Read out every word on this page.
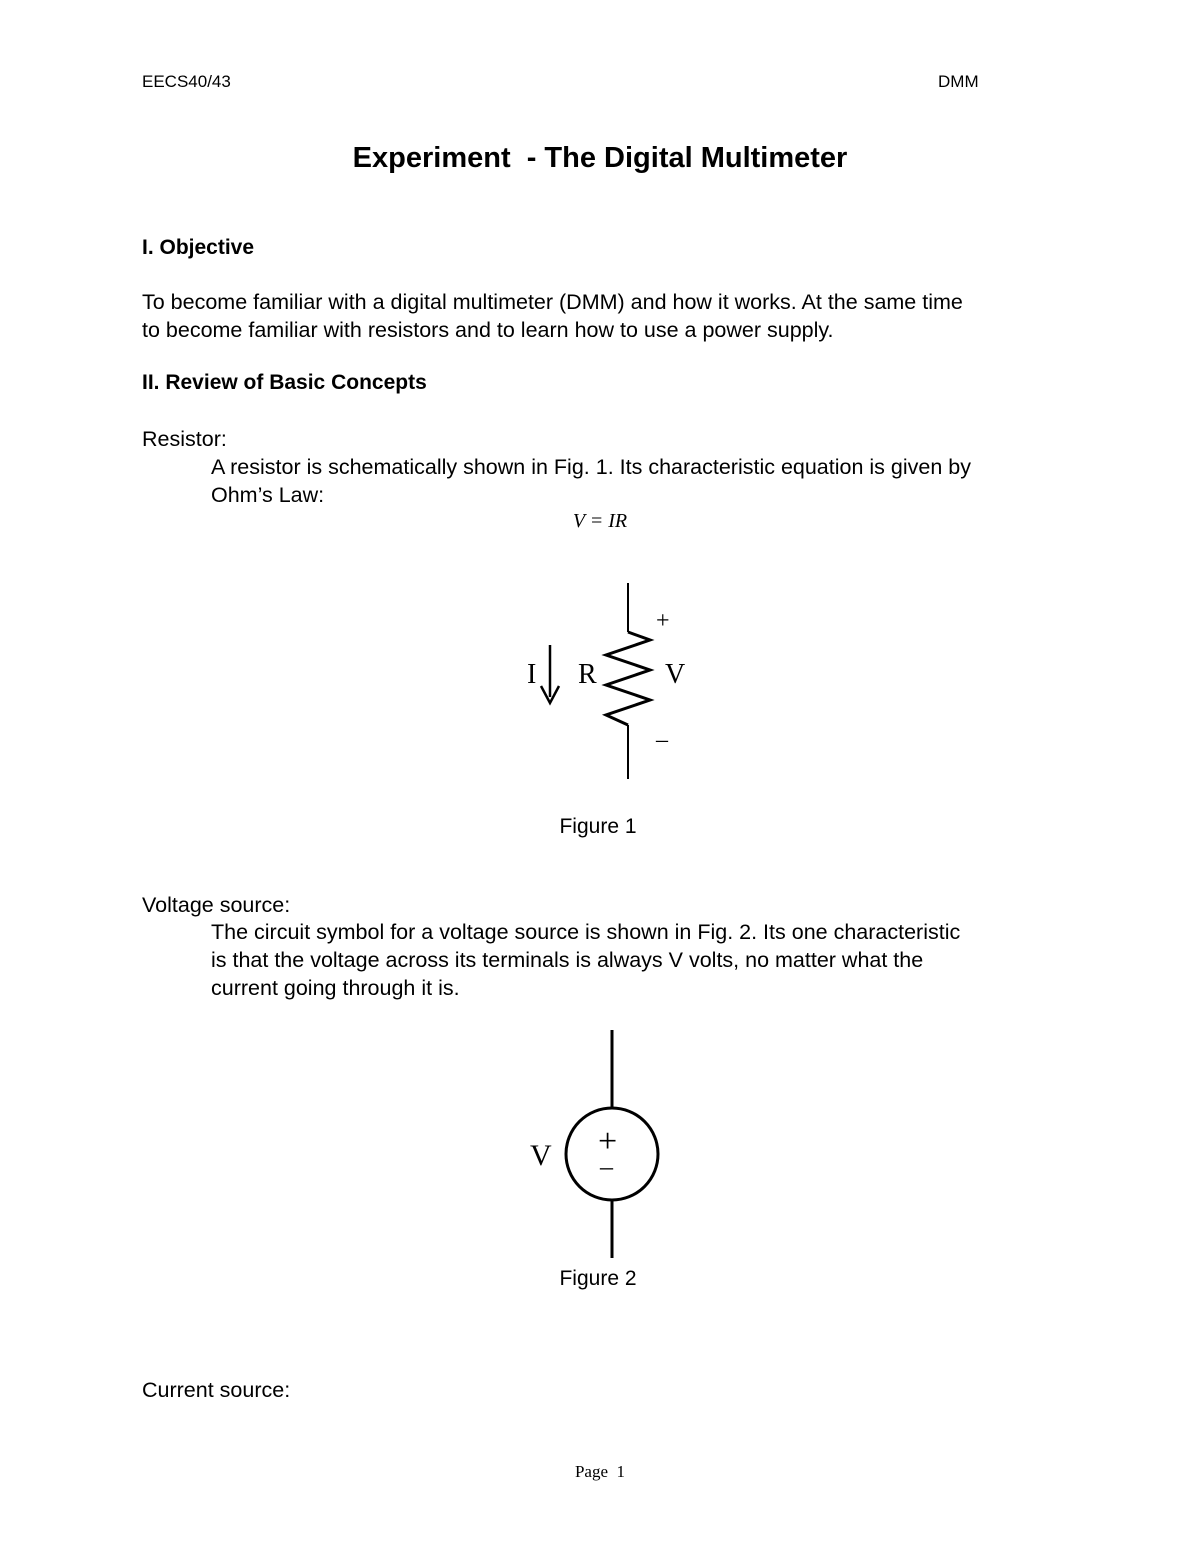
EECS40/43	DMM
Experiment  - The Digital Multimeter
I. Objective
To become familiar with a digital multimeter (DMM) and how it works. At the same time
to become familiar with resistors and to learn how to use a power supply.
II. Review of Basic Concepts
Resistor:
A resistor is schematically shown in Fig. 1. Its characteristic equation is given by
Ohm’s Law:
V = IR
I R V
+
–
Figure 1
Voltage source:
The circuit symbol for a voltage source is shown in Fig. 2. Its one characteristic
is that the voltage across its terminals is always V volts, no matter what the
current going through it is.
+
–
V
Figure 2
Current source:
Page  1
